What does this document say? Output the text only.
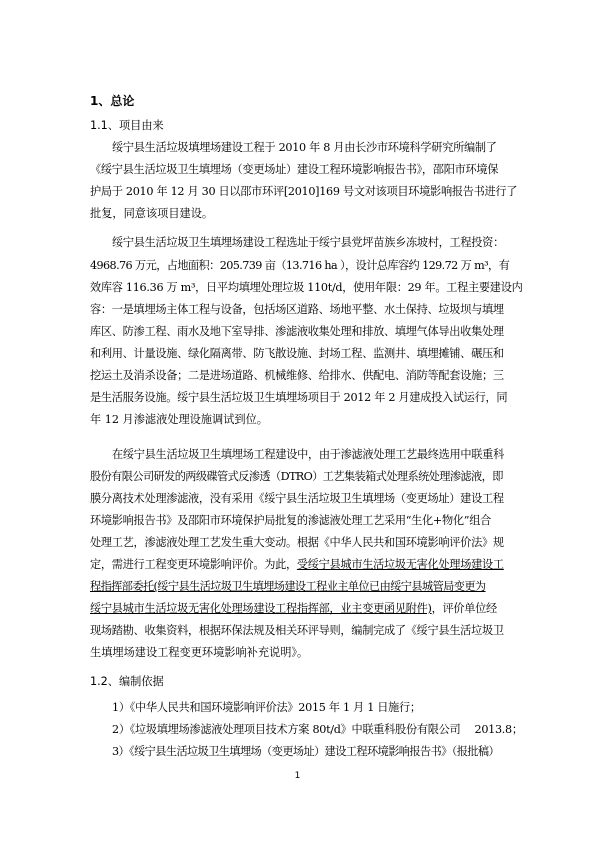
1、总论
1.1、项目由来
绥宁县生活垃圾填埋场建设工程于 2010 年 8 月由长沙市环境科学研究所编制了
《绥宁县生活垃圾卫生填埋场（变更场址）建设工程环境影响报告书》，邵阳市环境保
护局于 2010 年 12 月 30 日以邵市环评[2010]169 号文对该项目环境影响报告书进行了
批复，同意该项目建设。
绥宁县生活垃圾卫生填埋场建设工程选址于绥宁县党坪苗族乡冻坡村，工程投资：
4968.76 万元，占地面积：205.739 亩（13.716 ha ），设计总库容约 129.72 万 m³，有
效库容 116.36 万 m³，日平均填埋处理垃圾 110t/d，使用年限：29 年。工程主要建设内
容：一是填埋场主体工程与设备，包括场区道路、场地平整、水土保持、垃圾坝与填埋
库区、防渗工程、雨水及地下室导排、渗滤液收集处理和排放、填埋气体导出收集处理
和利用、计量设施、绿化隔离带、防飞散设施、封场工程、监测井、填埋摊铺、碾压和
挖运土及消杀设备；二是进场道路、机械维修、给排水、供配电、消防等配套设施；三
是生活服务设施。绥宁县生活垃圾卫生填埋场项目于 2012 年 2 月建成投入试运行，同
年 12 月渗滤液处理设施调试到位。
在绥宁县生活垃圾卫生填埋场工程建设中，由于渗滤液处理工艺最终选用中联重科
股份有限公司研发的两级碟管式反渗透（DTRO）工艺集装箱式处理系统处理渗滤液，即
膜分离技术处理渗滤液，没有采用《绥宁县生活垃圾卫生填埋场（变更场址）建设工程
环境影响报告书》及邵阳市环境保护局批复的渗滤液处理工艺采用“生化+物化”组合
处理工艺，渗滤液处理工艺发生重大变动。根据《中华人民共和国环境影响评价法》规
定，需进行工程变更环境影响评价。为此，受绥宁县城市生活垃圾无害化处理场建设工
程指挥部委托(绥宁县生活垃圾卫生填埋场建设工程业主单位已由绥宁县城管局变更为
绥宁县城市生活垃圾无害化处理场建设工程指挥部，业主变更函见附件)，评价单位经
现场踏勘、收集资料，根据环保法规及相关环评导则，编制完成了《绥宁县生活垃圾卫
生填埋场建设工程变更环境影响补充说明》。
1.2、编制依据
1）《中华人民共和国环境影响评价法》2015 年 1 月 1 日施行；
2）《垃圾填埋场渗滤液处理项目技术方案 80t/d》中联重科股份有限公司　 2013.8；
3）《绥宁县生活垃圾卫生填埋场（变更场址）建设工程环境影响报告书》（报批稿）
1
